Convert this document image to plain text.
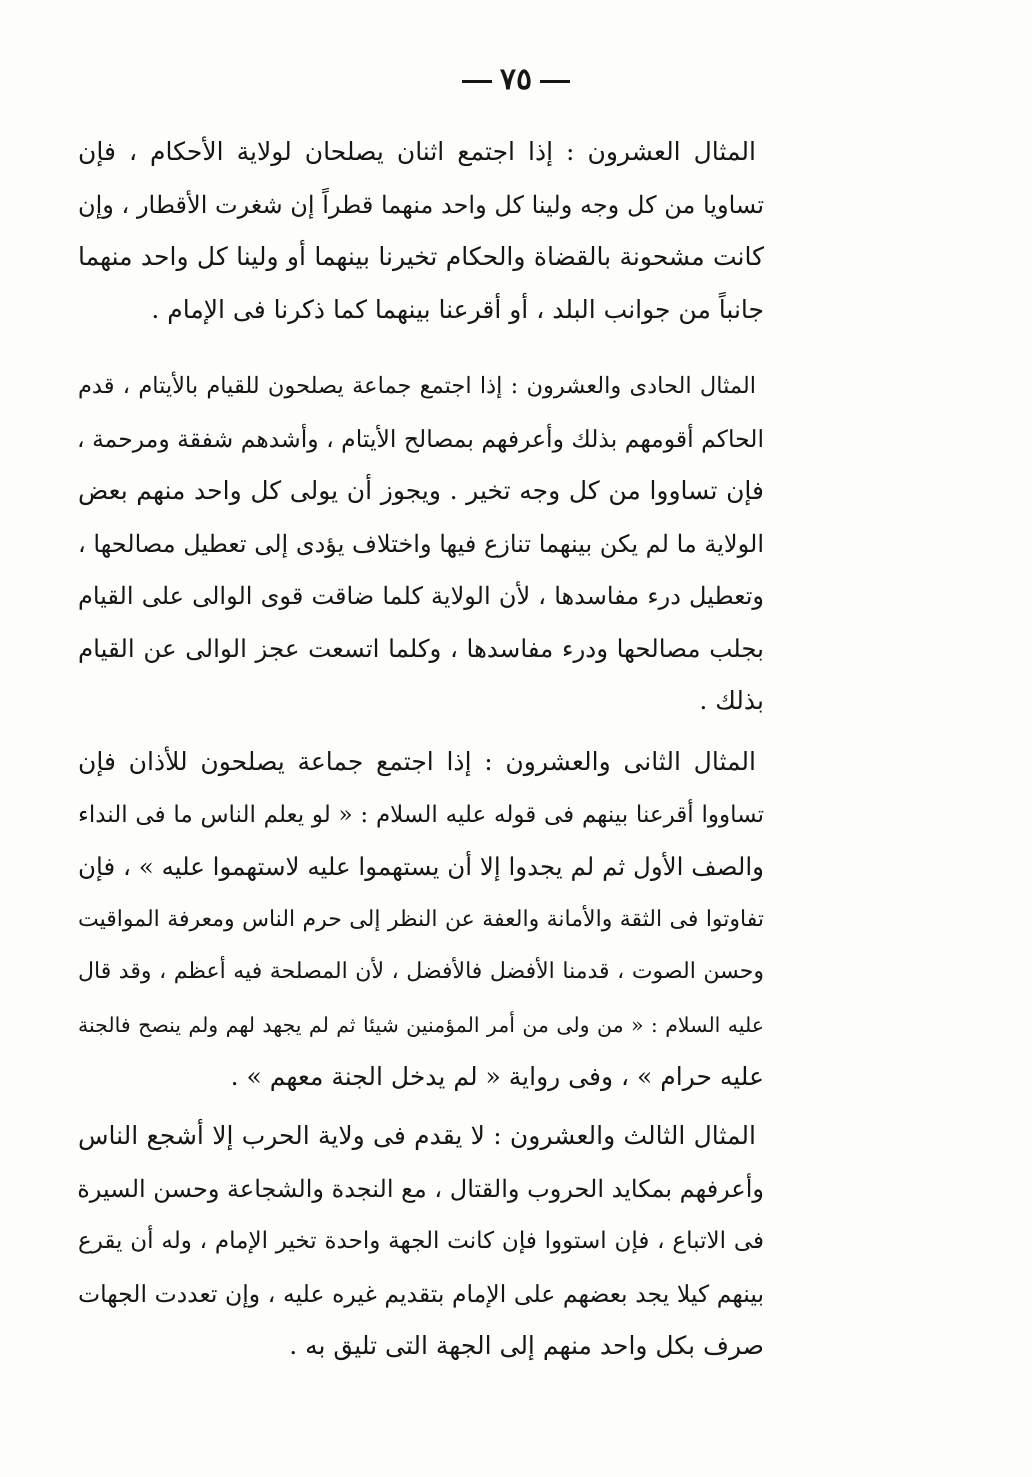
٧٥
المثال العشرون : إذا اجتمع اثنان يصلحان لولاية الأحكام ، فإن
تساويا من كل وجه ولينا كل واحد منهما قطراً إن شغرت الأقطار ، وإن
كانت مشحونة بالقضاة والحكام تخيرنا بينهما أو ولينا كل واحد منهما
جانباً من جوانب البلد ، أو أقرعنا بينهما كما ذكرنا فى الإمام .
المثال الحادى والعشرون : إذا اجتمع جماعة يصلحون للقيام بالأيتام ، قدم
الحاكم أقومهم بذلك وأعرفهم بمصالح الأيتام ، وأشدهم شفقة ومرحمة ،
فإن تساووا من كل وجه تخير . ويجوز أن يولى كل واحد منهم بعض
الولاية ما لم يكن بينهما تنازع فيها واختلاف يؤدى إلى تعطيل مصالحها ،
وتعطيل درء مفاسدها ، لأن الولاية كلما ضاقت قوى الوالى على القيام
بجلب مصالحها ودرء مفاسدها ، وكلما اتسعت عجز الوالى عن القيام
بذلك .
المثال الثانى والعشرون : إذا اجتمع جماعة يصلحون للأذان فإن
تساووا أقرعنا بينهم فى قوله عليه السلام : « لو يعلم الناس ما فى النداء
والصف الأول ثم لم يجدوا إلا أن يستهموا عليه لاستهموا عليه » ، فإن
تفاوتوا فى الثقة والأمانة والعفة عن النظر إلى حرم الناس ومعرفة المواقيت
وحسن الصوت ، قدمنا الأفضل فالأفضل ، لأن المصلحة فيه أعظم ، وقد قال
عليه السلام : « من ولى من أمر المؤمنين شيئا ثم لم يجهد لهم ولم ينصح فالجنة
عليه حرام » ، وفى رواية « لم يدخل الجنة معهم » .
المثال الثالث والعشرون : لا يقدم فى ولاية الحرب إلا أشجع الناس
وأعرفهم بمكايد الحروب والقتال ، مع النجدة والشجاعة وحسن السيرة
فى الاتباع ، فإن استووا فإن كانت الجهة واحدة تخير الإمام ، وله أن يقرع
بينهم كيلا يجد بعضهم على الإمام بتقديم غيره عليه ، وإن تعددت الجهات
صرف بكل واحد منهم إلى الجهة التى تليق به .
